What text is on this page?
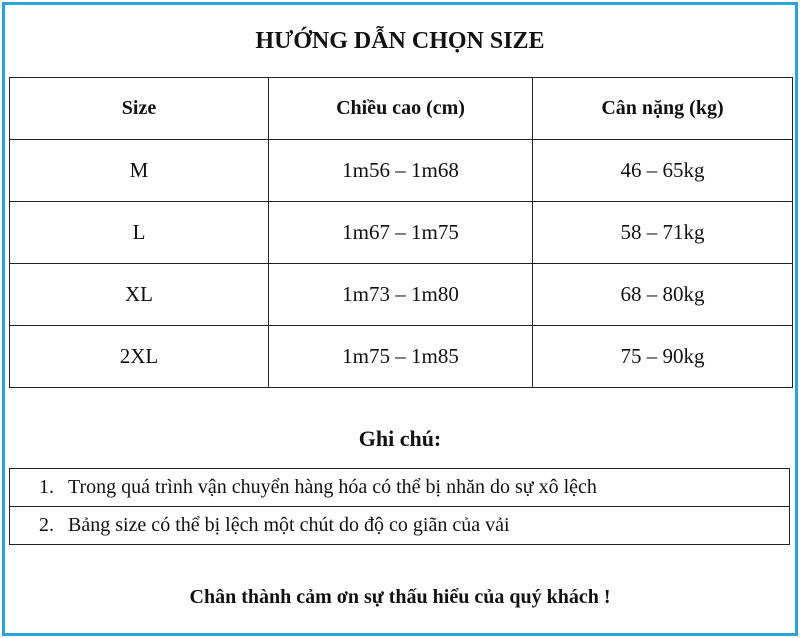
HƯỚNG DẪN CHỌN SIZE
Size	Chiều cao (cm)	Cân nặng (kg)
M	1m56 – 1m68	46 – 65kg
L	1m67 – 1m75	58 – 71kg
XL	1m73 – 1m80	68 – 80kg
2XL	1m75 – 1m85	75 – 90kg
Ghi chú:
1. Trong quá trình vận chuyển hàng hóa có thể bị nhăn do sự xô lệch
2. Bảng size có thể bị lệch một chút do độ co giãn của vải
Chân thành cảm ơn sự thấu hiểu của quý khách !
